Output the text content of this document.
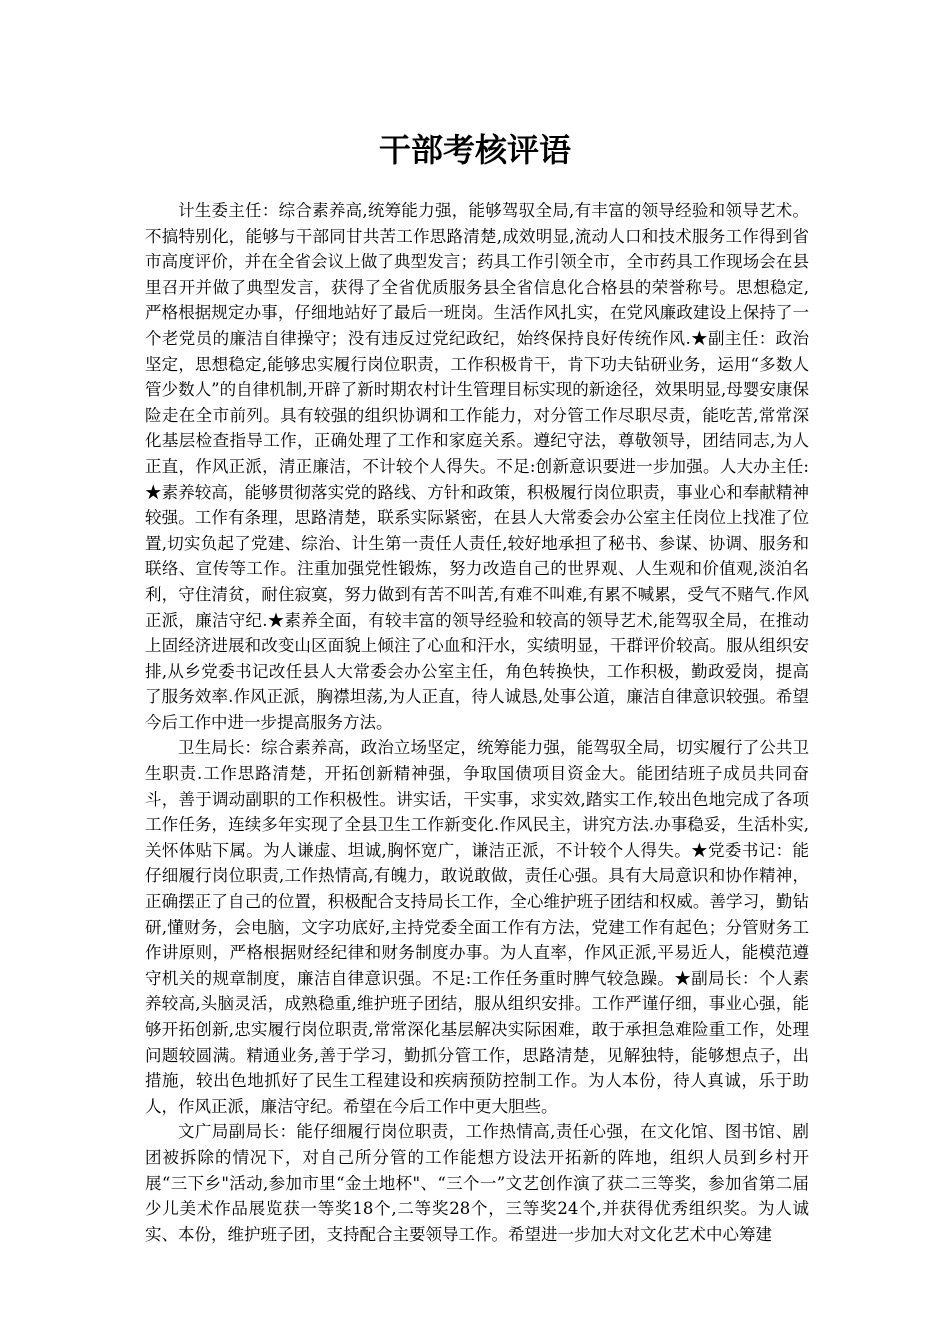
干部考核评语

计生委主任：综合素养高,统筹能力强，能够驾驭全局,有丰富的领导经验和领导艺术。不搞特别化，能够与干部同甘共苦工作思路清楚,成效明显,流动人口和技术服务工作得到省市高度评价，并在全省会议上做了典型发言；药具工作引领全市，全市药具工作现场会在县里召开并做了典型发言，获得了全省优质服务县全省信息化合格县的荣誉称号。思想稳定,严格根据规定办事，仔细地站好了最后一班岗。生活作风扎实，在党风廉政建设上保持了一个老党员的廉洁自律操守；没有违反过党纪政纪，始终保持良好传统作风.★副主任：政治坚定，思想稳定,能够忠实履行岗位职责，工作积极肯干，肯下功夫钻研业务，运用“多数人管少数人”的自律机制,开辟了新时期农村计生管理目标实现的新途径，效果明显,母婴安康保险走在全市前列。具有较强的组织协调和工作能力，对分管工作尽职尽责，能吃苦,常常深化基层检查指导工作，正确处理了工作和家庭关系。遵纪守法，尊敬领导，团结同志,为人正直，作风正派，清正廉洁，不计较个人得失。不足:创新意识要进一步加强。人大办主任:★素养较高，能够贯彻落实党的路线、方针和政策，积极履行岗位职责，事业心和奉献精神较强。工作有条理，思路清楚，联系实际紧密，在县人大常委会办公室主任岗位上找准了位置,切实负起了党建、综治、计生第一责任人责任,较好地承担了秘书、参谋、协调、服务和联络、宣传等工作。注重加强党性锻炼，努力改造自己的世界观、人生观和价值观,淡泊名利，守住清贫，耐住寂寞，努力做到有苦不叫苦,有难不叫难,有累不喊累，受气不赌气.作风正派，廉洁守纪.★素养全面，有较丰富的领导经验和较高的领导艺术,能驾驭全局，在推动上固经济进展和改变山区面貌上倾注了心血和汗水，实绩明显，干群评价较高。服从组织安排,从乡党委书记改任县人大常委会办公室主任，角色转换快，工作积极，勤政爱岗，提高了服务效率.作风正派，胸襟坦荡,为人正直，待人诚恳,处事公道，廉洁自律意识较强。希望今后工作中进一步提高服务方法。

卫生局长：综合素养高，政治立场坚定，统筹能力强，能驾驭全局，切实履行了公共卫生职责.工作思路清楚，开拓创新精神强，争取国债项目资金大。能团结班子成员共同奋斗，善于调动副职的工作积极性。讲实话，干实事，求实效,踏实工作,较出色地完成了各项工作任务，连续多年实现了全县卫生工作新变化.作风民主，讲究方法.办事稳妥，生活朴实,关怀体贴下属。为人谦虚、坦诚,胸怀宽广，谦洁正派，不计较个人得失。★党委书记：能仔细履行岗位职责,工作热情高,有魄力，敢说敢做，责任心强。具有大局意识和协作精神，正确摆正了自己的位置，积极配合支持局长工作，全心维护班子团结和权威。善学习，勤钻研,懂财务，会电脑，文字功底好,主持党委全面工作有方法，党建工作有起色；分管财务工作讲原则，严格根据财经纪律和财务制度办事。为人直率，作风正派,平易近人，能模范遵守机关的规章制度，廉洁自律意识强。不足:工作任务重时脾气较急躁。★副局长：个人素养较高,头脑灵活，成熟稳重,维护班子团结，服从组织安排。工作严谨仔细，事业心强，能够开拓创新,忠实履行岗位职责,常常深化基层解决实际困难，敢于承担急难险重工作，处理问题较圆满。精通业务,善于学习，勤抓分管工作，思路清楚，见解独特，能够想点子，出措施，较出色地抓好了民生工程建设和疾病预防控制工作。为人本份，待人真诚，乐于助人，作风正派，廉洁守纪。希望在今后工作中更大胆些。

文广局副局长：能仔细履行岗位职责，工作热情高,责任心强，在文化馆、图书馆、剧团被拆除的情况下，对自己所分管的工作能想方设法开拓新的阵地，组织人员到乡村开展“三下乡"活动,参加市里“金土地杯"、“三个一”文艺创作演了获二三等奖，参加省第二届少儿美术作品展览获一等奖18个,二等奖28个，三等奖24个,并获得优秀组织奖。为人诚实、本份，维护班子团，支持配合主要领导工作。希望进一步加大对文化艺术中心筹建
